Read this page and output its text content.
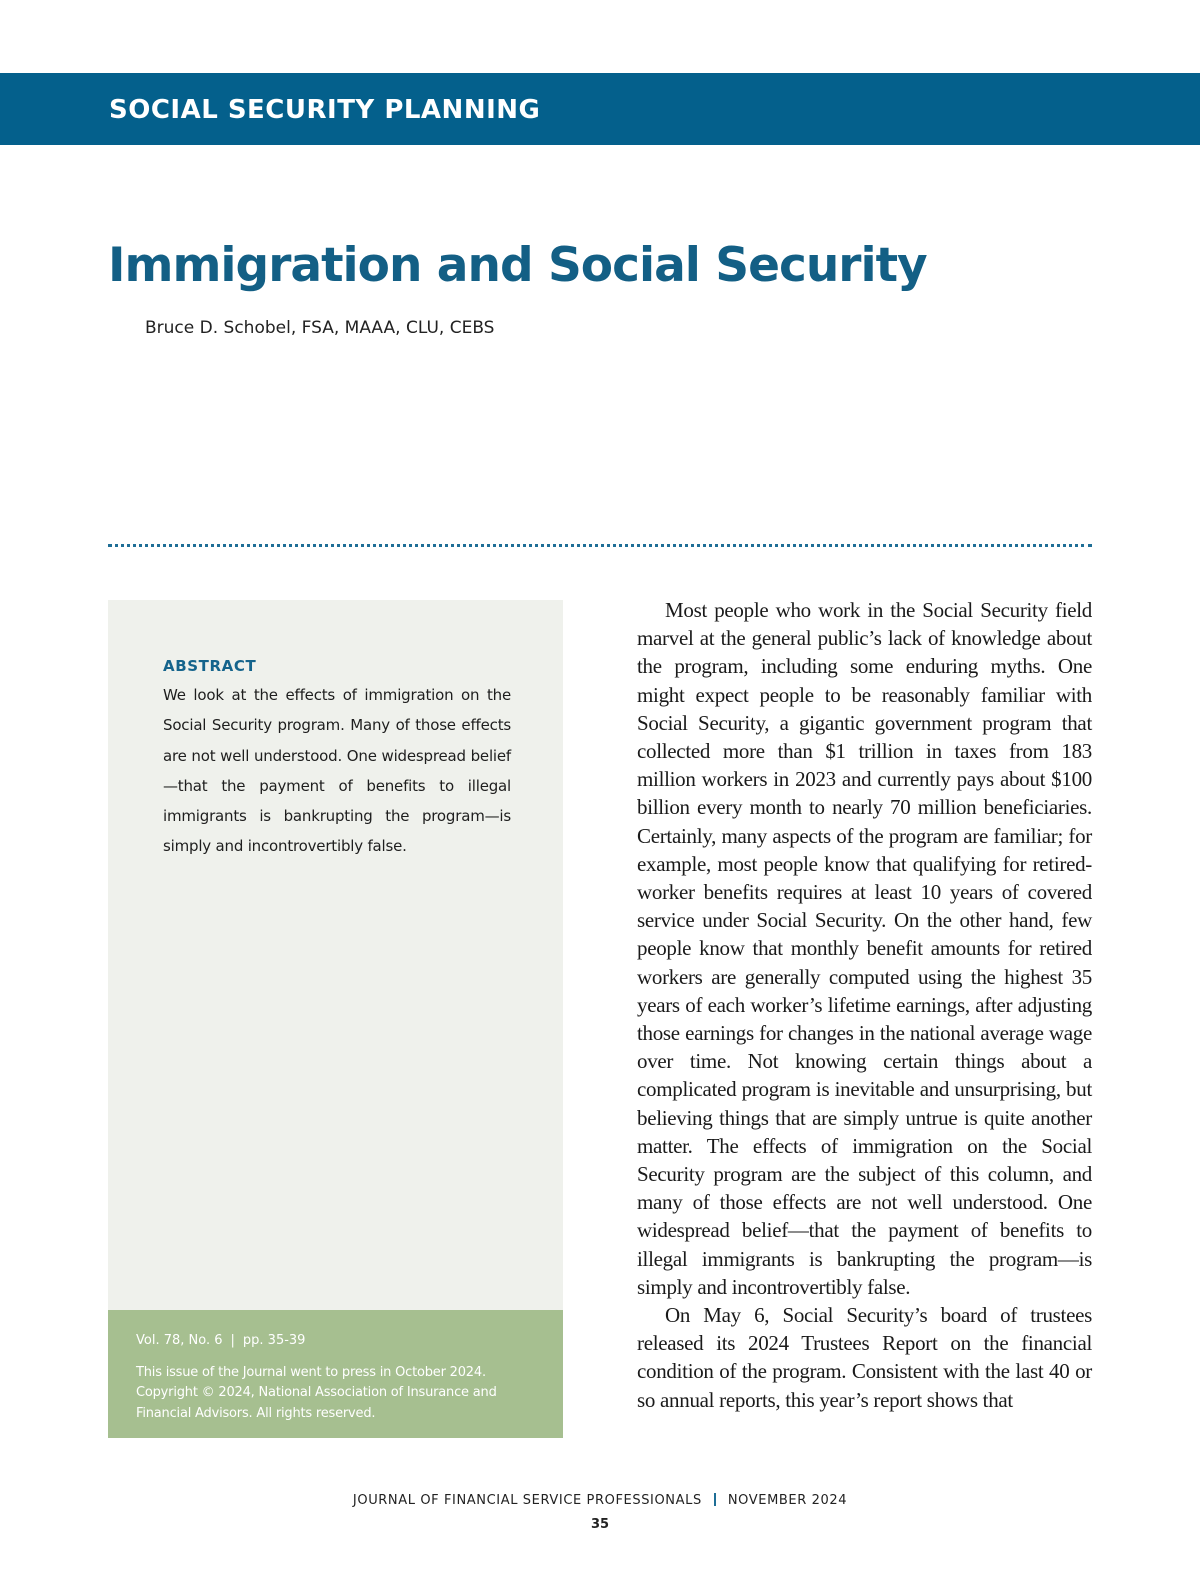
SOCIAL SECURITY PLANNING

Immigration and Social Security

Bruce D. Schobel, FSA, MAAA, CLU, CEBS

ABSTRACT

We look at the effects of immigration on the Social Security program. Many of those effects are not well understood. One widespread belief—that the payment of benefits to illegal immigrants is bankrupting the program—is simply and incontrovertibly false.

Vol. 78, No. 6 | pp. 35-39

This issue of the Journal went to press in October 2024. Copyright © 2024, National Association of Insurance and Financial Advisors. All rights reserved.

Most people who work in the Social Security field marvel at the general public’s lack of knowledge about the program, including some enduring myths. One might expect people to be reasonably familiar with Social Security, a gigantic government program that collected more than $1 trillion in taxes from 183 million workers in 2023 and currently pays about $100 billion every month to nearly 70 million beneficiaries. Certainly, many aspects of the program are familiar; for example, most people know that qualifying for retired-worker benefits requires at least 10 years of covered service under Social Security. On the other hand, few people know that monthly benefit amounts for retired workers are generally computed using the highest 35 years of each worker’s lifetime earnings, after adjusting those earnings for changes in the national average wage over time. Not knowing certain things about a complicated program is inevitable and unsurprising, but believing things that are simply untrue is quite another matter. The effects of immigration on the Social Security program are the subject of this column, and many of those effects are not well understood. One widespread belief—that the payment of benefits to illegal immigrants is bankrupting the program—is simply and incontrovertibly false.

On May 6, Social Security’s board of trustees released its 2024 Trustees Report on the financial condition of the program. Consistent with the last 40 or so annual reports, this year’s report shows that

JOURNAL OF FINANCIAL SERVICE PROFESSIONALS NOVEMBER 2024

35
